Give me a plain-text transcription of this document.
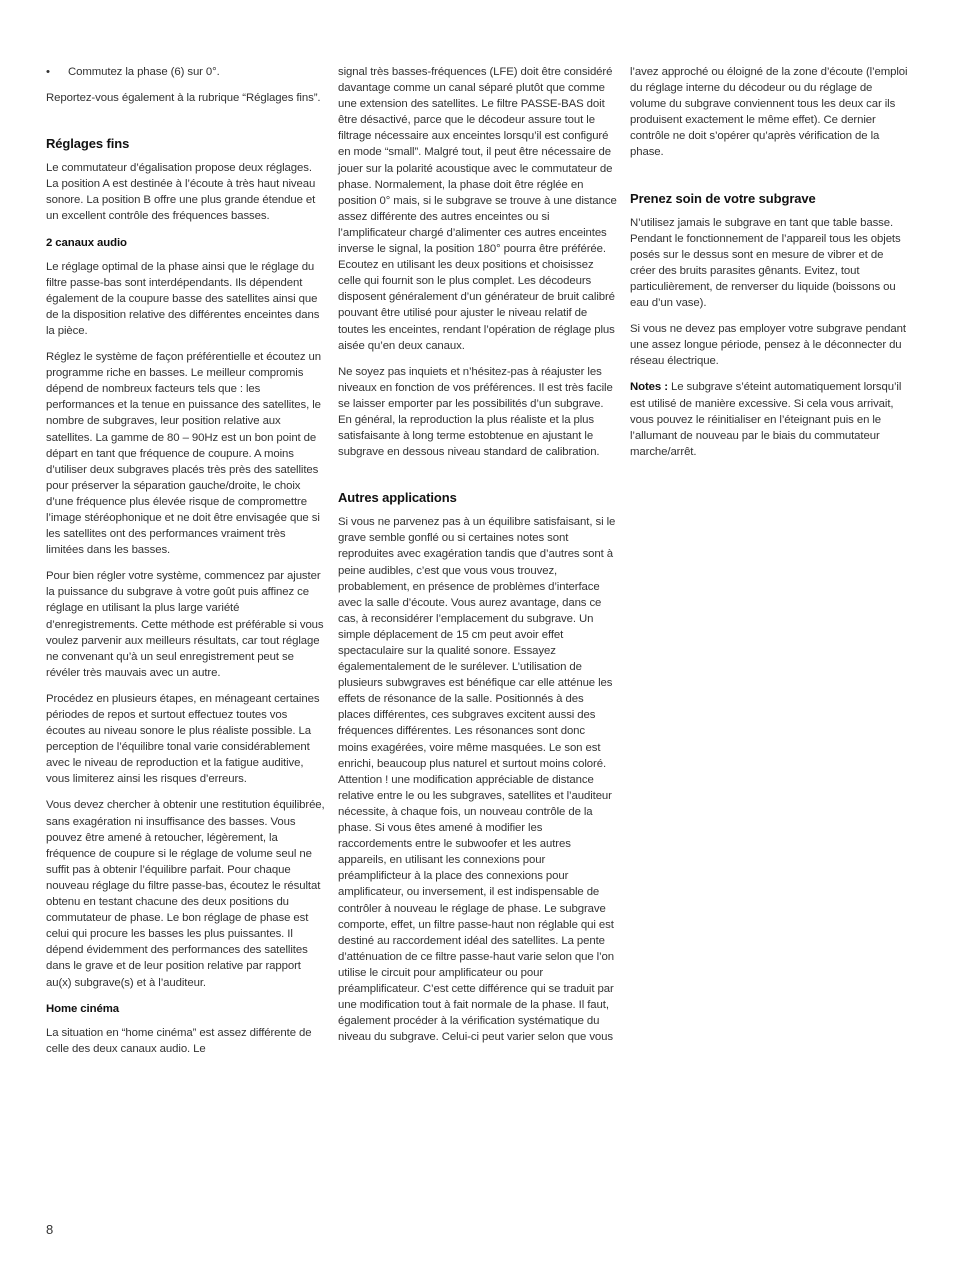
•	Commutez la phase (6) sur 0°.

Reportez-vous également à la rubrique “Réglages fins”.

Réglages fins

Le commutateur d’égalisation propose deux réglages. La position A est destinée à l’écoute à très haut niveau sonore. La position B offre une plus grande étendue et un excellent contrôle des fréquences basses.

2 canaux audio

Le réglage optimal de la phase ainsi que le réglage du filtre passe-bas sont interdépendants. Ils dépendent également de la coupure basse des satellites ainsi que de la disposition relative des différentes enceintes dans la pièce.

Réglez le système de façon préférentielle et écoutez un programme riche en basses. Le meilleur compromis dépend de nombreux facteurs tels que : les performances et la tenue en puissance des satellites, le nombre de subgraves, leur position relative aux satellites. La gamme de 80 – 90Hz est un bon point de départ en tant que fréquence de coupure. A moins d’utiliser deux subgraves placés très près des satellites pour préserver la séparation gauche/droite, le choix d’une fréquence plus élevée risque de compromettre l’image stéréophonique et ne doit être envisagée que si les satellites ont des performances vraiment très limitées dans les basses.

Pour bien régler votre système, commencez par ajuster la puissance du subgrave à votre goût puis affinez ce réglage en utilisant la plus large variété d’enregistrements. Cette méthode est préférable si vous voulez parvenir aux meilleurs résultats, car tout réglage ne convenant qu’à un seul enregistrement peut se révéler très mauvais avec un autre.

Procédez en plusieurs étapes, en ménageant certaines périodes de repos et surtout effectuez toutes vos écoutes au niveau sonore le plus réaliste possible. La perception de l’équilibre tonal varie considérablement avec le niveau de reproduction et la fatigue auditive, vous limiterez ainsi les risques d’erreurs.

Vous devez chercher à obtenir une restitution équilibrée, sans exagération ni insuffisance des basses. Vous pouvez être amené à retoucher, légèrement, la fréquence de coupure si le réglage de volume seul ne suffit pas à obtenir l’équilibre parfait. Pour chaque nouveau réglage du filtre passe-bas, écoutez le résultat obtenu en testant chacune des deux positions du commutateur de phase. Le bon réglage de phase est celui qui procure les basses les plus puissantes. Il dépend évidemment des performances des satellites dans le grave et de leur position relative par rapport au(x) subgrave(s) et à l’auditeur.

Home cinéma

La situation en “home cinéma” est assez différente de celle des deux canaux audio. Le

signal très basses-fréquences (LFE) doit être considéré davantage comme un canal séparé plutôt que comme une extension des satellites. Le filtre PASSE-BAS doit être désactivé, parce que le décodeur assure tout le filtrage nécessaire aux enceintes lorsqu’il est configuré en mode “small”. Malgré tout, il peut être nécessaire de jouer sur la polarité acoustique avec le commutateur de phase. Normalement, la phase doit être réglée en position 0° mais, si le subgrave se trouve à une distance assez différente des autres enceintes ou si l’amplificateur chargé d’alimenter ces autres enceintes inverse le signal, la position 180° pourra être préférée. Ecoutez en utilisant les deux positions et choisissez celle qui fournit son le plus complet. Les décodeurs disposent généralement d’un générateur de bruit calibré pouvant être utilisé pour ajuster le niveau relatif de toutes les enceintes, rendant l’opération de réglage plus aisée qu’en deux canaux.

Ne soyez pas inquiets et n’hésitez-pas à réajuster les niveaux en fonction de vos préférences. Il est très facile se laisser emporter par les possibilités d’un subgrave. En général, la reproduction la plus réaliste et la plus satisfaisante à long terme estobtenue en ajustant le subgrave en dessous niveau standard de calibration.

Autres applications

Si vous ne parvenez pas à un équilibre satisfaisant, si le grave semble gonflé ou si certaines notes sont reproduites avec exagération tandis que d’autres sont à peine audibles, c’est que vous vous trouvez, probablement, en présence de problèmes d’interface avec la salle d’écoute. Vous aurez avantage, dans ce cas, à reconsidérer l’emplacement du subgrave. Un simple déplacement de 15 cm peut avoir effet spectaculaire sur la qualité sonore. Essayez égalementalement de le surélever. L’utilisation de plusieurs subwgraves est bénéfique car elle atténue les effets de résonance de la salle. Positionnés à des places différentes, ces subgraves excitent aussi des fréquences différentes. Les résonances sont donc moins exagérées, voire même masquées. Le son est enrichi, beaucoup plus naturel et surtout moins coloré. Attention ! une modification appréciable de distance relative entre le ou les subgraves, satellites et l’auditeur nécessite, à chaque fois, un nouveau contrôle de la phase. Si vous êtes amené à modifier les raccordements entre le subwoofer et les autres appareils, en utilisant les connexions pour préamplificteur à la place des connexions pour amplificateur, ou inversement, il est indispensable de contrôler à nouveau le réglage de phase. Le subgrave comporte, effet, un filtre passe-haut non réglable qui est destiné au raccordement idéal des satellites. La pente d’atténuation de ce filtre passe-haut varie selon que l’on utilise le circuit pour amplificateur ou pour préamplificateur. C’est cette différence qui se traduit par une modification tout à fait normale de la phase. Il faut, également procéder à la vérification systématique du niveau du subgrave. Celui-ci peut varier selon que vous

l’avez approché ou éloigné de la zone d’écoute (l’emploi du réglage interne du décodeur ou du réglage de volume du subgrave conviennent tous les deux car ils produisent exactement le même effet). Ce dernier contrôle ne doit s’opérer qu’après vérification de la phase.

Prenez soin de votre subgrave

N’utilisez jamais le subgrave en tant que table basse. Pendant le fonctionnement de l’appareil tous les objets posés sur le dessus sont en mesure de vibrer et de créer des bruits parasites gênants. Evitez, tout particulièrement, de renverser du liquide (boissons ou eau d’un vase).

Si vous ne devez pas employer votre subgrave pendant une assez longue période, pensez à le déconnecter du réseau électrique.

Notes : Le subgrave s’éteint automatiquement lorsqu’il est utilisé de manière excessive. Si cela vous arrivait, vous pouvez le réinitialiser en l’éteignant puis en le l’allumant de nouveau par le biais du commutateur marche/arrêt.

8
